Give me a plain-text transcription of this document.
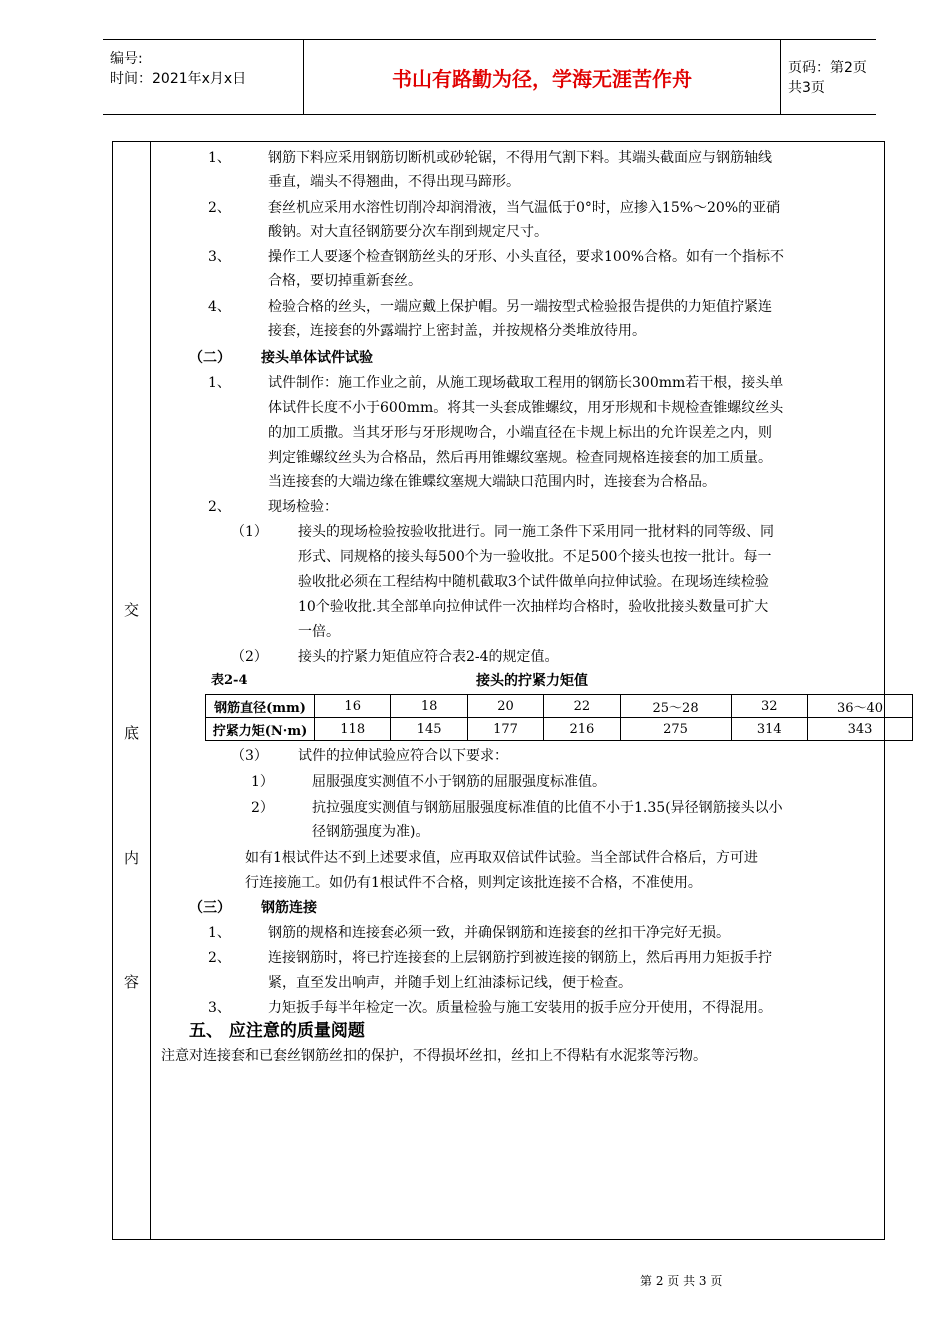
编号:
时间：2021年x月x日	书山有路勤为径，学海无涯苦作舟	页码：第2页 共3页
交
底
内
容
1、	钢筋下料应采用钢筋切断机或砂轮锯，不得用气割下料。其端头截面应与钢筋轴线
垂直，端头不得翘曲，不得出现马蹄形。
2、	套丝机应采用水溶性切削冷却润滑液，当气温低于0°时，应掺入15%～20%的亚硝
酸钠。对大直径钢筋要分次车削到规定尺寸。
3、	操作工人要逐个检查钢筋丝头的牙形、小头直径，要求100%合格。如有一个指标不
合格，要切掉重新套丝。
4、	检验合格的丝头，一端应戴上保护帽。另一端按型式检验报告提供的力矩值拧紧连
接套，连接套的外露端拧上密封盖，并按规格分类堆放待用。
（二） 接头单体试件试验
1、	试件制作：施工作业之前，从施工现场截取工程用的钢筋长300mm若干根，接头单
体试件长度不小于600mm。将其一头套成锥螺纹，用牙形规和卡规检查锥螺纹丝头
的加工质撒。当其牙形与牙形规吻合，小端直径在卡规上标出的允许误差之内，则
判定锥螺纹丝头为合格品，然后再用锥螺纹塞规。检查同规格连接套的加工质量。
当连接套的大端边缘在锥蝶纹塞规大端缺口范围内时，连接套为合格品。
2、	现场检验：
（1） 接头的现场检验按验收批进行。同一施工条件下采用同一批材料的同等级、同
形式、同规格的接头每500个为一验收批。不足500个接头也按一批计。每一
验收批必须在工程结构中随机截取3个试件做单向拉伸试验。在现场连续检验
10个验收批.其全部单向拉伸试件一次抽样均合格时，验收批接头数量可扩大
一倍。
（2） 接头的拧紧力矩值应符合表2-4的规定值。
表2-4	接头的拧紧力矩值
钢筋直径(mm)	16	18	20	22	25～28	32	36～40
拧紧力矩(N·m)	118	145	177	216	275	314	343
（3） 试件的拉伸试验应符合以下要求：
1）	屈服强度实测值不小于钢筋的屈服强度标准值。
2）	抗拉强度实测值与钢筋屈服强度标准值的比值不小于1.35(异径钢筋接头以小
径钢筋强度为准)。
如有1根试件达不到上述要求值，应再取双倍试件试验。当全部试件合格后，方可进
行连接施工。如仍有1根试件不合格，则判定该批连接不合格，不准使用。
（三） 钢筋连接
1、	钢筋的规格和连接套必须一致，并确保钢筋和连接套的丝扣干净完好无损。
2、	连接钢筋时，将已拧连接套的上层钢筋拧到被连接的钢筋上，然后再用力矩扳手拧
紧，直至发出响声，并随手划上红油漆标记线，便于检查。
3、	力矩扳手每半年检定一次。质量检验与施工安装用的扳手应分开使用，不得混用。
五、 应注意的质量阅题
注意对连接套和已套丝钢筋丝扣的保护，不得损坏丝扣，丝扣上不得粘有水泥浆等污物。
第 2 页 共 3 页
